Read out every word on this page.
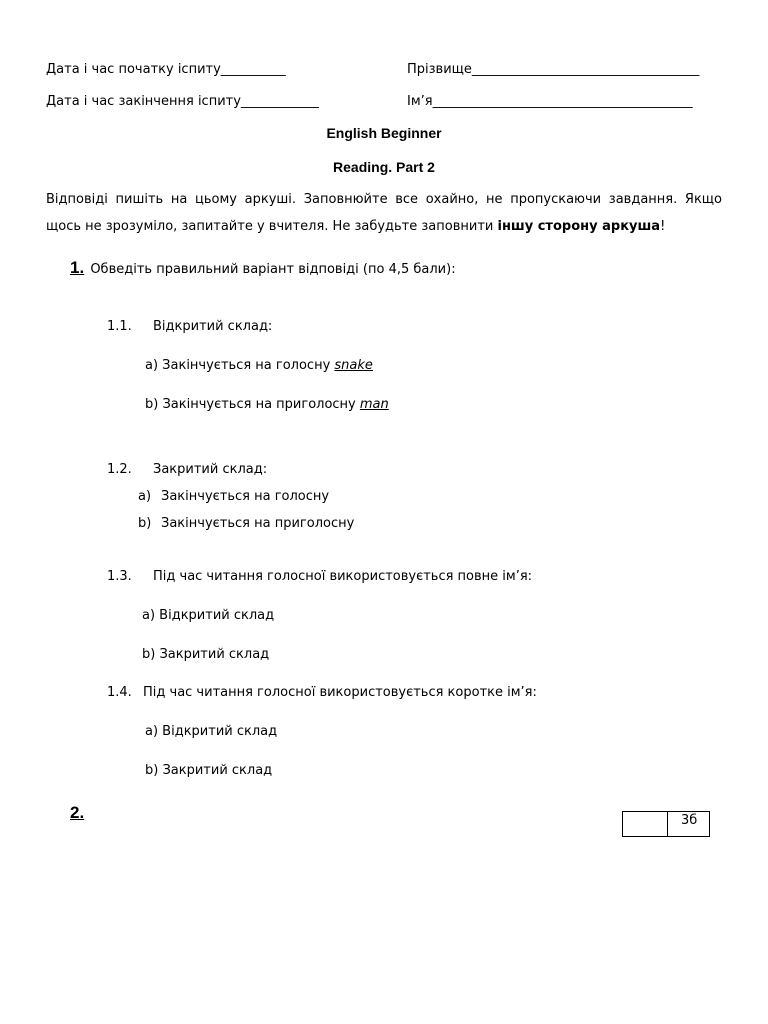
Дата і час початку іспиту__________	Прізвище___________________________________
Дата і час закінчення іспиту____________	Ім’я________________________________________
English Beginner
Reading. Part 2
Відповіді пишіть на цьому аркуші. Заповнюйте все охайно, не пропускаючи завдання. Якщо щось не зрозуміло, запитайте у вчителя. Не забудьте заповнити іншу сторону аркуша!
1. Обведіть правильний варіант відповіді (по 4,5 бали):
1.1. Відкритий склад:
a) Закінчується на голосну snake
b) Закінчується на приголосну man
1.2. Закритий склад:
a) Закінчується на голосну
b) Закінчується на приголосну
1.3. Під час читання голосної використовується повне ім’я:
a) Відкритий склад
b) Закритий склад
1.4. Під час читання голосної використовується коротке ім’я:
a) Відкритий склад
b) Закритий склад
2.	3б
